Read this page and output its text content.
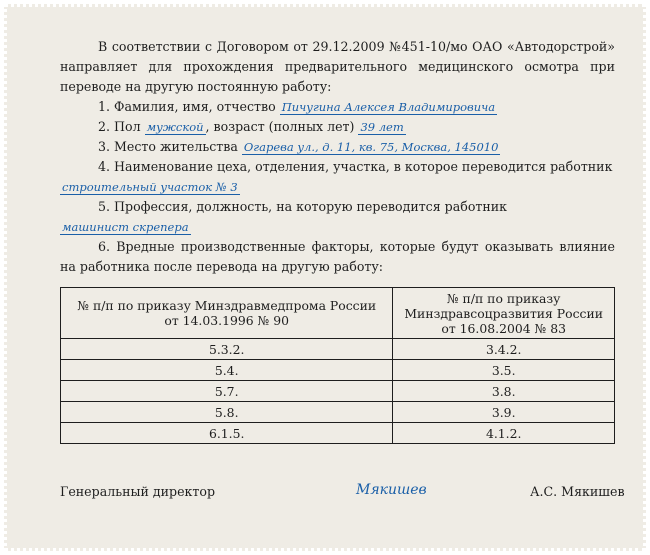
В соответствии с Договором от 29.12.2009 №451-10/мо ОАО «Автодорстрой» направляет для прохождения предварительного медицинского осмотра при переводе на другую постоянную работу:

1. Фамилия, имя, отчество Пичугина Алексея Владимировича

2. Пол мужской , возраст (полных лет) 39 лет

3. Место жительства Огарева ул., д. 11, кв. 75, Москва, 145010

4. Наименование цеха, отделения, участка, в которое переводится работник

строительный участок № 3

5. Профессия, должность, на которую переводится работник

машинист скрепера

6. Вредные производственные факторы, которые будут оказывать влияние на работника после перевода на другую работу:

№ п/п по приказу Минздравмедпрома России
от 14.03.1996 № 90	№ п/п по приказу
Минздравсоцразвития России
от 16.08.2004 № 83
5.3.2.	3.4.2.
5.4.	3.5.
5.7.	3.8.
5.8.	3.9.
6.1.5.	4.1.2.
Генеральный директор	Мякишев	А.С. Мякишев
